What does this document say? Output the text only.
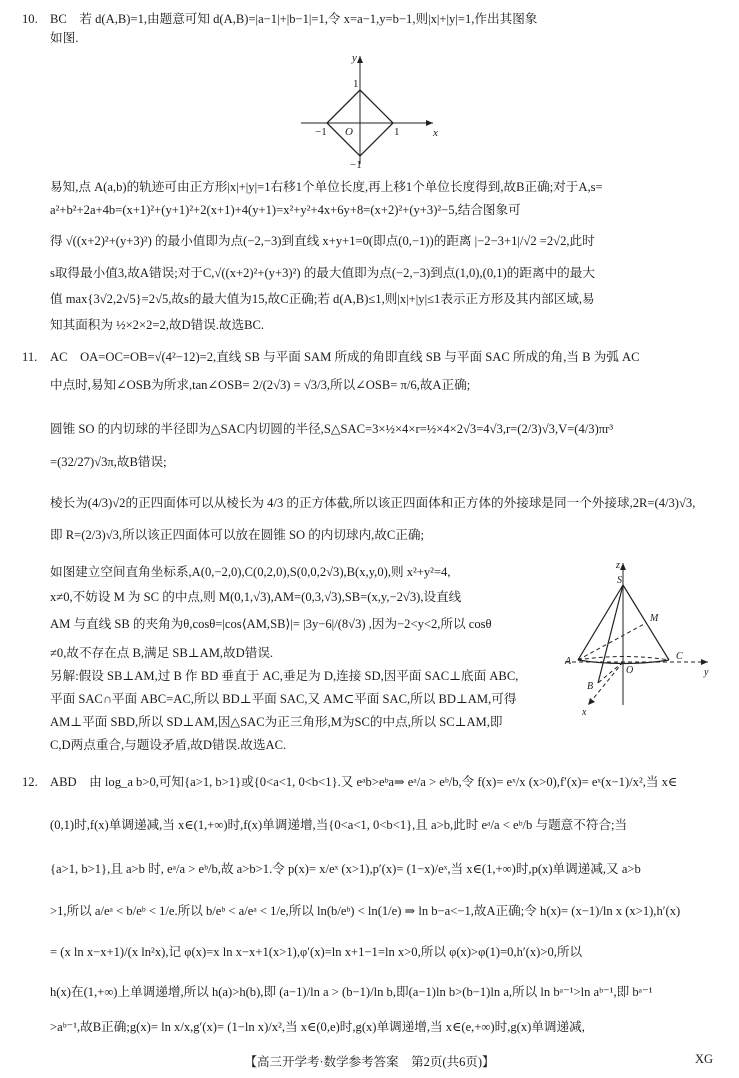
10. BC　若 d(A,B)=1,由题意可知 d(A,B)=|a−1|+|b−1|=1,令 x=a−1,y=b−1,则|x|+|y|=1,作出其图象
如图.
x
y
O
1
−1
−1	1
易知,点 A(a,b)的轨迹可由正方形|x|+|y|=1右移1个单位长度,再上移1个单位长度得到,故B正确;对于A,s=
a²+b²+2a+4b=(x+1)²+(y+1)²+2(x+1)+4(y+1)=x²+y²+4x+6y+8=(x+2)²+(y+3)²−5,结合图象可
得 √((x+2)²+(y+3)²) 的最小值即为点(−2,−3)到直线 x+y+1=0(即点(0,−1))的距离 |−2−3+1|/√2 =2√2,此时
s取得最小值3,故A错误;对于C,√((x+2)²+(y+3)²) 的最大值即为点(−2,−3)到点(1,0),(0,1)的距离中的最大
值 max{3√2,2√5}=2√5,故s的最大值为15,故C正确;若 d(A,B)≤1,则|x|+|y|≤1表示正方形及其内部区域,易
知其面积为 ½×2×2=2,故D错误.故选BC.
11. AC　OA=OC=OB=√(4²−12)=2,直线 SB 与平面 SAM 所成的角即直线 SB 与平面 SAC 所成的角,当 B 为弧 AC
中点时,易知∠OSB为所求,tan∠OSB= 2/(2√3) = √3/3,所以∠OSB= π/6,故A正确;
圆锥 SO 的内切球的半径即为△SAC内切圆的半径,S△SAC=3×½×4×r=½×4×2√3=4√3,r=(2/3)√3,V=(4/3)πr³
=(32/27)√3π,故B错误;
棱长为(4/3)√2的正四面体可以从棱长为 4/3 的正方体截,所以该正四面体和正方体的外接球是同一个外接球,2R=(4/3)√3,
即 R=(2/3)√3,所以该正四面体可以放在圆锥 SO 的内切球内,故C正确;
如图建立空间直角坐标系,A(0,−2,0),C(0,2,0),S(0,0,2√3),B(x,y,0),则 x²+y²=4,
x≠0,不妨设 M 为 SC 的中点,则 M(0,1,√3),AM=(0,3,√3),SB=(x,y,−2√3),设直线
AM 与直线 SB 的夹角为θ,cosθ=|cos⟨AM,SB⟩|= |3y−6|/(8√3) ,因为−2<y<2,所以 cosθ
≠0,故不存在点 B,满足 SB⊥AM,故D错误.
另解:假设 SB⊥AM,过 B 作 BD 垂直于 AC,垂足为 D,连接 SD,因平面 SAC⊥底面 ABC,
平面 SAC∩平面 ABC=AC,所以 BD⊥平面 SAC,又 AM⊂平面 SAC,所以 BD⊥AM,可得
AM⊥平面 SBD,所以 SD⊥AM,因△SAC为正三角形,M为SC的中点,所以 SC⊥AM,即
C,D两点重合,与题设矛盾,故D错误.故选AC.
z
y
x
S
M
A	C
O
B
12. ABD　由 log_a b>0,可知{a>1, b>1}或{0<a<1, 0<b<1}.又 eᵃb>eᵇa⇒ eᵃ/a > eᵇ/b,令 f(x)= eˣ/x (x>0),f′(x)= eˣ(x−1)/x²,当 x∈
(0,1)时,f(x)单调递减,当 x∈(1,+∞)时,f(x)单调递增,当{0<a<1, 0<b<1},且 a>b,此时 eᵃ/a < eᵇ/b 与题意不符合;当
{a>1, b>1},且 a>b 时, eᵃ/a > eᵇ/b,故 a>b>1.令 p(x)= x/eˣ (x>1),p′(x)= (1−x)/eˣ,当 x∈(1,+∞)时,p(x)单调递减,又 a>b
>1,所以 a/eᵃ < b/eᵇ < 1/e.所以 b/eᵇ < a/eᵃ < 1/e,所以 ln(b/eᵇ) < ln(1/e) ⇒ ln b−a<−1,故A正确;令 h(x)= (x−1)/ln x (x>1),h′(x)
= (x ln x−x+1)/(x ln²x),记 φ(x)=x ln x−x+1(x>1),φ′(x)=ln x+1−1=ln x>0,所以 φ(x)>φ(1)=0,h′(x)>0,所以
h(x)在(1,+∞)上单调递增,所以 h(a)>h(b),即 (a−1)/ln a > (b−1)/ln b,即(a−1)ln b>(b−1)ln a,所以 ln bᵃ⁻¹>ln aᵇ⁻¹,即 bᵃ⁻¹
>aᵇ⁻¹,故B正确;g(x)= ln x/x,g′(x)= (1−ln x)/x²,当 x∈(0,e)时,g(x)单调递增,当 x∈(e,+∞)时,g(x)单调递减,
【高三开学考·数学参考答案　第2页(共6页)】	XG
